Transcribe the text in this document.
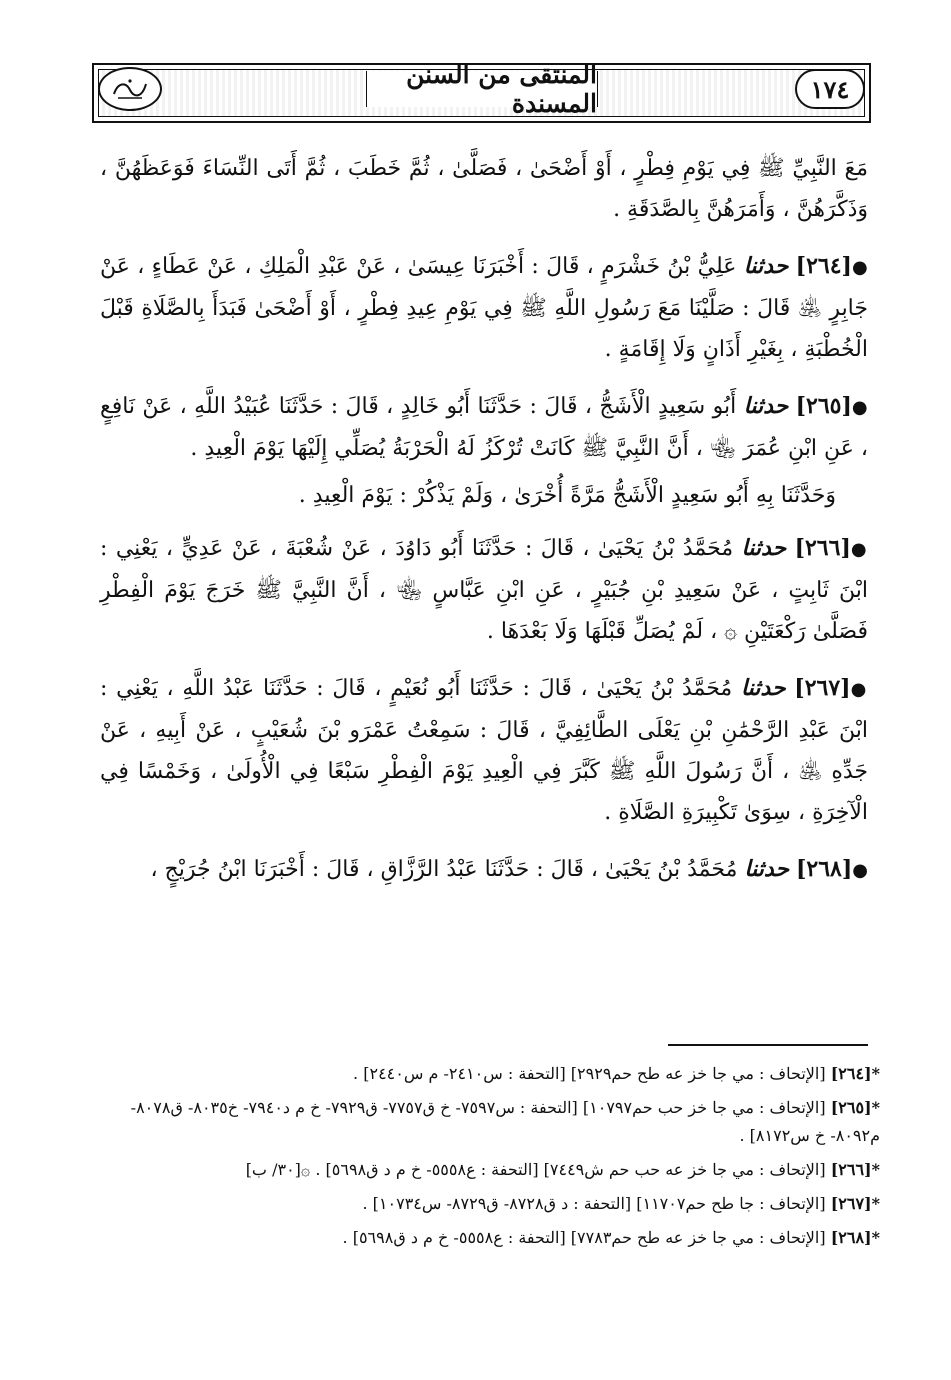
المنتقى من السنن المسندة	١٧٤

مَعَ النَّبِيِّ ﷺ فِي يَوْمِ فِطْرٍ ، أَوْ أَضْحَىٰ ، فَصَلَّىٰ ، ثُمَّ خَطَبَ ، ثُمَّ أَتَى النِّسَاءَ فَوَعَظَهُنَّ ، وَذَكَّرَهُنَّ ، وَأَمَرَهُنَّ بِالصَّدَقَةِ .

●[٢٦٤] حدثنا عَلِيُّ بْنُ خَشْرَمٍ ، قَالَ : أَخْبَرَنَا عِيسَىٰ ، عَنْ عَبْدِ الْمَلِكِ ، عَنْ عَطَاءٍ ، عَنْ جَابِرٍ ﵁ قَالَ : صَلَّيْنَا مَعَ رَسُولِ اللَّهِ ﷺ فِي يَوْمِ عِيدِ فِطْرٍ ، أَوْ أَضْحَىٰ فَبَدَأَ بِالصَّلَاةِ قَبْلَ الْخُطْبَةِ ، بِغَيْرِ أَذَانٍ وَلَا إِقَامَةٍ .

●[٢٦٥] حدثنا أَبُو سَعِيدٍ الْأَشَجُّ ، قَالَ : حَدَّثَنَا أَبُو خَالِدٍ ، قَالَ : حَدَّثَنَا عُبَيْدُ اللَّهِ ، عَنْ نَافِعٍ ، عَنِ ابْنِ عُمَرَ ﵄ ، أَنَّ النَّبِيَّ ﷺ كَانَتْ تُرْكَزُ لَهُ الْحَرْبَةُ يُصَلِّي إِلَيْهَا يَوْمَ الْعِيدِ .

وَحَدَّثَنَا بِهِ أَبُو سَعِيدٍ الْأَشَجُّ مَرَّةً أُخْرَىٰ ، وَلَمْ يَذْكُرْ : يَوْمَ الْعِيدِ .

●[٢٦٦] حدثنا مُحَمَّدُ بْنُ يَحْيَىٰ ، قَالَ : حَدَّثَنَا أَبُو دَاوُدَ ، عَنْ شُعْبَةَ ، عَنْ عَدِيٍّ ، يَعْنِي : ابْنَ ثَابِتٍ ، عَنْ سَعِيدِ بْنِ جُبَيْرٍ ، عَنِ ابْنِ عَبَّاسٍ ﵄ ، أَنَّ النَّبِيَّ ﷺ خَرَجَ يَوْمَ الْفِطْرِ فَصَلَّىٰ رَكْعَتَيْنِ ۞ ، لَمْ يُصَلِّ قَبْلَهَا وَلَا بَعْدَهَا .

●[٢٦٧] حدثنا مُحَمَّدُ بْنُ يَحْيَىٰ ، قَالَ : حَدَّثَنَا أَبُو نُعَيْمٍ ، قَالَ : حَدَّثَنَا عَبْدُ اللَّهِ ، يَعْنِي : ابْنَ عَبْدِ الرَّحْمَٰنِ بْنِ يَعْلَى الطَّائِفِيَّ ، قَالَ : سَمِعْتُ عَمْرَو بْنَ شُعَيْبٍ ، عَنْ أَبِيهِ ، عَنْ جَدِّهِ ﵁ ، أَنَّ رَسُولَ اللَّهِ ﷺ كَبَّرَ فِي الْعِيدِ يَوْمَ الْفِطْرِ سَبْعًا فِي الْأُولَىٰ ، وَخَمْسًا فِي الْآخِرَةِ ، سِوَىٰ تَكْبِيرَةِ الصَّلَاةِ .

●[٢٦٨] حدثنا مُحَمَّدُ بْنُ يَحْيَىٰ ، قَالَ : حَدَّثَنَا عَبْدُ الرَّزَّاقِ ، قَالَ : أَخْبَرَنَا ابْنُ جُرَيْجٍ ،

*[٢٦٤] [الإتحاف : مي جا خز عه طح حم٢٩٢٩] [التحفة : س٢٤١٠- م س٢٤٤٠] .

*[٢٦٥] [الإتحاف : مي جا خز حب حم١٠٧٩٧] [التحفة : س٧٥٩٧- خ ق٧٧٥٧- ق٧٩٢٩- خ م د٧٩٤٠- خ٨٠٣٥- ق٨٠٧٨- م٨٠٩٢- خ س٨١٧٢] .

*[٢٦٦] [الإتحاف : مي جا خز عه حب حم ش٧٤٤٩] [التحفة : ع٥٥٥٨- خ م د ق٥٦٩٨] . ۞[٣٠/ ب]

*[٢٦٧] [الإتحاف : جا طح حم١١٧٠٧] [التحفة : د ق٨٧٢٨- ق٨٧٢٩- س١٠٧٣٤] .

*[٢٦٨] [الإتحاف : مي جا خز عه طح حم٧٧٨٣] [التحفة : ع٥٥٥٨- خ م د ق٥٦٩٨] .
